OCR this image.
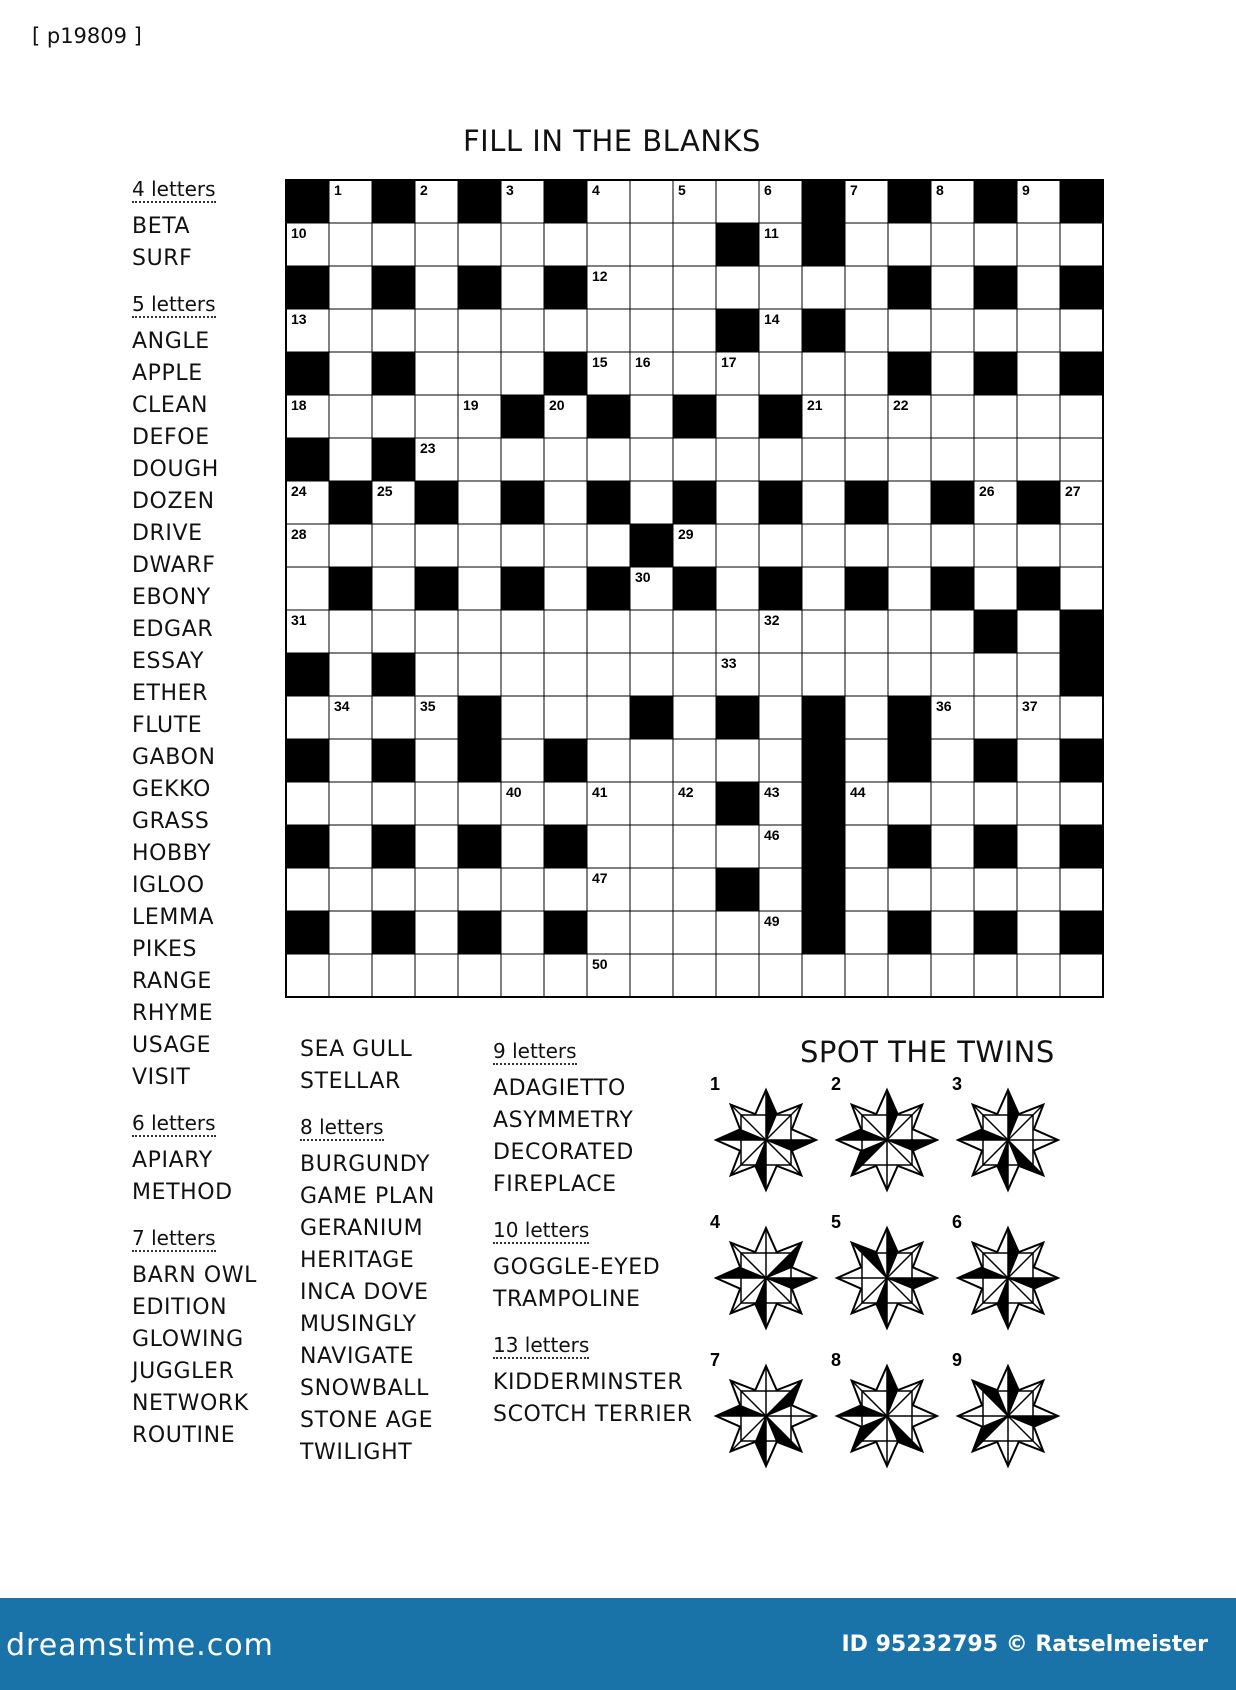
[ p19809 ]
FILL IN THE BLANKS
1	2	3	4	5	6	7	8	9
10	11
12
13	14
15 16	17
18	19	20	21	22
23
24	25	26	27
28	29
30
31	32
33
34	35	36	37
38	39
40	41	42	43	44
45	46
47
48	49
50
4 letters
BETA
SURF
5 letters
ANGLE
APPLE
CLEAN
DEFOE
DOUGH
DOZEN
DRIVE
DWARF
EBONY
EDGAR
ESSAY
ETHER
FLUTE
GABON
GEKKO
GRASS
HOBBY
IGLOO
LEMMA
PIKES
RANGE
RHYME
USAGE
VISIT
6 letters
APIARY
METHOD
7 letters
BARN OWL
EDITION
GLOWING
JUGGLER
NETWORK
ROUTINE
SEA GULL
STELLAR
8 letters
BURGUNDY
GAME PLAN
GERANIUM
HERITAGE
INCA DOVE
MUSINGLY
NAVIGATE
SNOWBALL
STONE AGE
TWILIGHT
9 letters
ADAGIETTO
ASYMMETRY
DECORATED
FIREPLACE
10 letters
GOGGLE-EYED
TRAMPOLINE
13 letters
KIDDERMINSTER
SCOTCH TERRIER
SPOT THE TWINS
1	2	3
4	5	6
7	8	9
dreamstime.com	ID 95232795 © Ratselmeister
